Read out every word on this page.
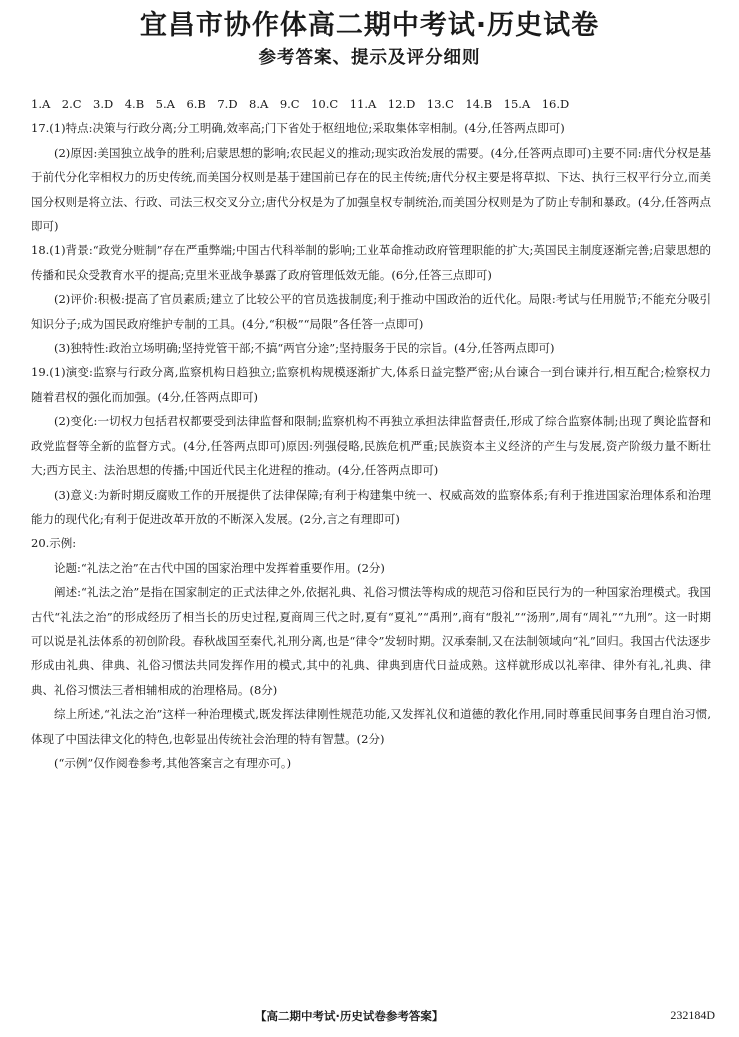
宜昌市协作体高二期中考试·历史试卷
参考答案、提示及评分细则

1.A　2.C　3.D　4.B　5.A　6.B　7.D　8.A　9.C　10.C　11.A　12.D　13.C　14.B　15.A　16.D

17.(1)特点:决策与行政分离;分工明确,效率高;门下省处于枢纽地位;采取集体宰相制。(4分,任答两点即可)

(2)原因:美国独立战争的胜利;启蒙思想的影响;农民起义的推动;现实政治发展的需要。(4分,任答两点即可)主要不同:唐代分权是基于前代分化宰相权力的历史传统,而美国分权则是基于建国前已存在的民主传统;唐代分权主要是将草拟、下达、执行三权平行分立,而美国分权则是将立法、行政、司法三权交叉分立;唐代分权是为了加强皇权专制统治,而美国分权则是为了防止专制和暴政。(4分,任答两点即可)

18.(1)背景:“政党分赃制”存在严重弊端;中国古代科举制的影响;工业革命推动政府管理职能的扩大;英国民主制度逐渐完善;启蒙思想的传播和民众受教育水平的提高;克里米亚战争暴露了政府管理低效无能。(6分,任答三点即可)

(2)评价:积极:提高了官员素质;建立了比较公平的官员选拔制度;利于推动中国政治的近代化。局限:考试与任用脱节;不能充分吸引知识分子;成为国民政府维护专制的工具。(4分,“积极”“局限”各任答一点即可)

(3)独特性:政治立场明确;坚持党管干部;不搞“两官分途”;坚持服务于民的宗旨。(4分,任答两点即可)

19.(1)演变:监察与行政分离,监察机构日趋独立;监察机构规模逐渐扩大,体系日益完整严密;从台谏合一到台谏并行,相互配合;检察权力随着君权的强化而加强。(4分,任答两点即可)

(2)变化:一切权力包括君权都要受到法律监督和限制;监察机构不再独立承担法律监督责任,形成了综合监察体制;出现了舆论监督和政党监督等全新的监督方式。(4分,任答两点即可)原因:列强侵略,民族危机严重;民族资本主义经济的产生与发展,资产阶级力量不断壮大;西方民主、法治思想的传播;中国近代民主化进程的推动。(4分,任答两点即可)

(3)意义:为新时期反腐败工作的开展提供了法律保障;有利于构建集中统一、权威高效的监察体系;有利于推进国家治理体系和治理能力的现代化;有利于促进改革开放的不断深入发展。(2分,言之有理即可)

20.示例:

论题:“礼法之治”在古代中国的国家治理中发挥着重要作用。(2分)

阐述:“礼法之治”是指在国家制定的正式法律之外,依据礼典、礼俗习惯法等构成的规范习俗和臣民行为的一种国家治理模式。我国古代“礼法之治”的形成经历了相当长的历史过程,夏商周三代之时,夏有“夏礼”“禹刑”,商有“殷礼”“汤刑”,周有“周礼”“九刑”。这一时期可以说是礼法体系的初创阶段。春秋战国至秦代,礼刑分离,也是“律令”发轫时期。汉承秦制,又在法制领域向“礼”回归。我国古代法逐步形成由礼典、律典、礼俗习惯法共同发挥作用的模式,其中的礼典、律典到唐代日益成熟。这样就形成以礼率律、律外有礼,礼典、律典、礼俗习惯法三者相辅相成的治理格局。(8分)

综上所述,“礼法之治”这样一种治理模式,既发挥法律刚性规范功能,又发挥礼仪和道德的教化作用,同时尊重民间事务自理自治习惯,体现了中国法律文化的特色,也彰显出传统社会治理的特有智慧。(2分)

(“示例”仅作阅卷参考,其他答案言之有理亦可。)

【高二期中考试·历史试卷参考答案】	232184D
